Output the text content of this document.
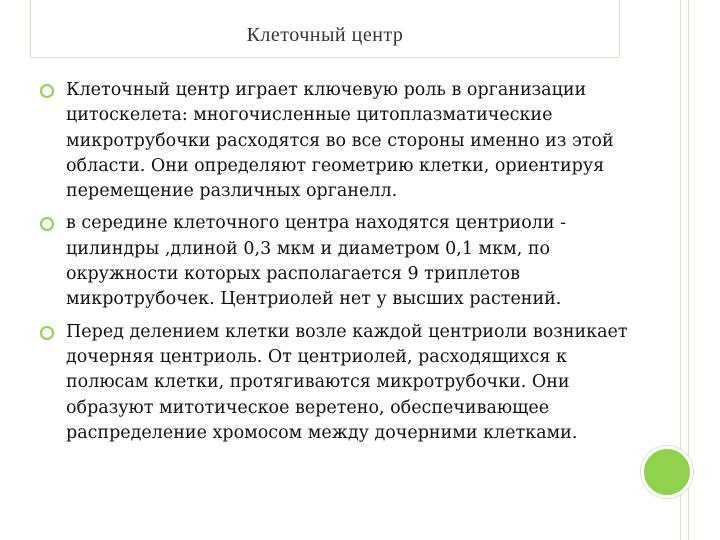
Клеточный центр
Клеточный центр играет ключевую роль в организации цитоскелета: многочисленные цитоплазматические микротрубочки расходятся во все стороны именно из этой области. Они определяют геометрию клетки, ориентируя перемещение различных органелл.
в середине клеточного центра находятся центриоли - цилиндры ,длиной 0,3 мкм и диаметром 0,1 мкм, по окружности которых располагается 9 триплетов микротрубочек. Центриолей нет у высших растений.
Перед делением клетки возле каждой центриоли возникает дочерняя центриоль. От центриолей, расходящихся к полюсам клетки, протягиваются микротрубочки. Они образуют митотическое веретено, обеспечивающее распределение хромосом между дочерними клетками.
